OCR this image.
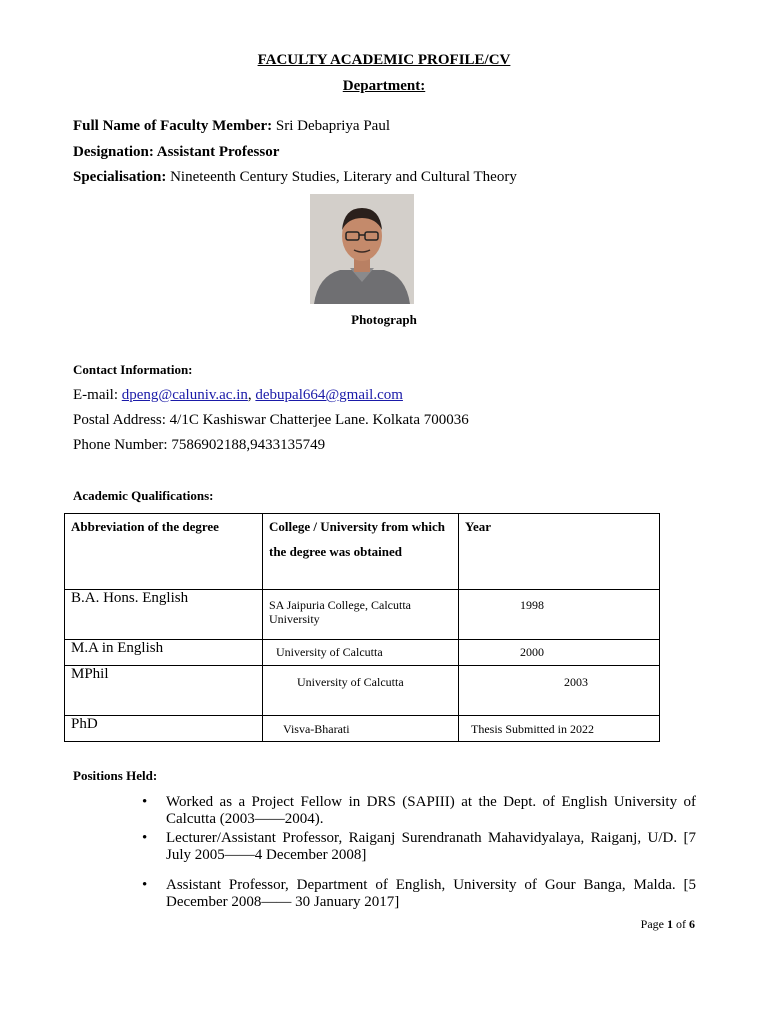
FACULTY ACADEMIC PROFILE/CV
Department:
Full Name of Faculty Member: Sri Debapriya Paul
Designation: Assistant Professor
Specialisation: Nineteenth Century Studies, Literary and Cultural Theory
Photograph
Contact Information:
E-mail: dpeng@caluniv.ac.in, debupal664@gmail.com
Postal Address: 4/1C Kashiswar Chatterjee Lane. Kolkata 700036
Phone Number: 7586902188,9433135749
Academic Qualifications:
Abbreviation of the degree	College / University from which the degree was obtained	Year
B.A. Hons. English	SA Jaipuria College, Calcutta University	1998
M.A in English	University of Calcutta	2000
MPhil	University of Calcutta	2003
PhD	Visva-Bharati	Thesis Submitted in 2022
Positions Held:
• Worked as a Project Fellow in DRS (SAPIII) at the Dept. of English University of Calcutta (2003——2004).
• Lecturer/Assistant Professor, Raiganj Surendranath Mahavidyalaya, Raiganj, U/D. [7 July 2005——4 December 2008]
• Assistant Professor, Department of English, University of Gour Banga, Malda. [5 December 2008—— 30 January 2017]
Page 1 of 6
